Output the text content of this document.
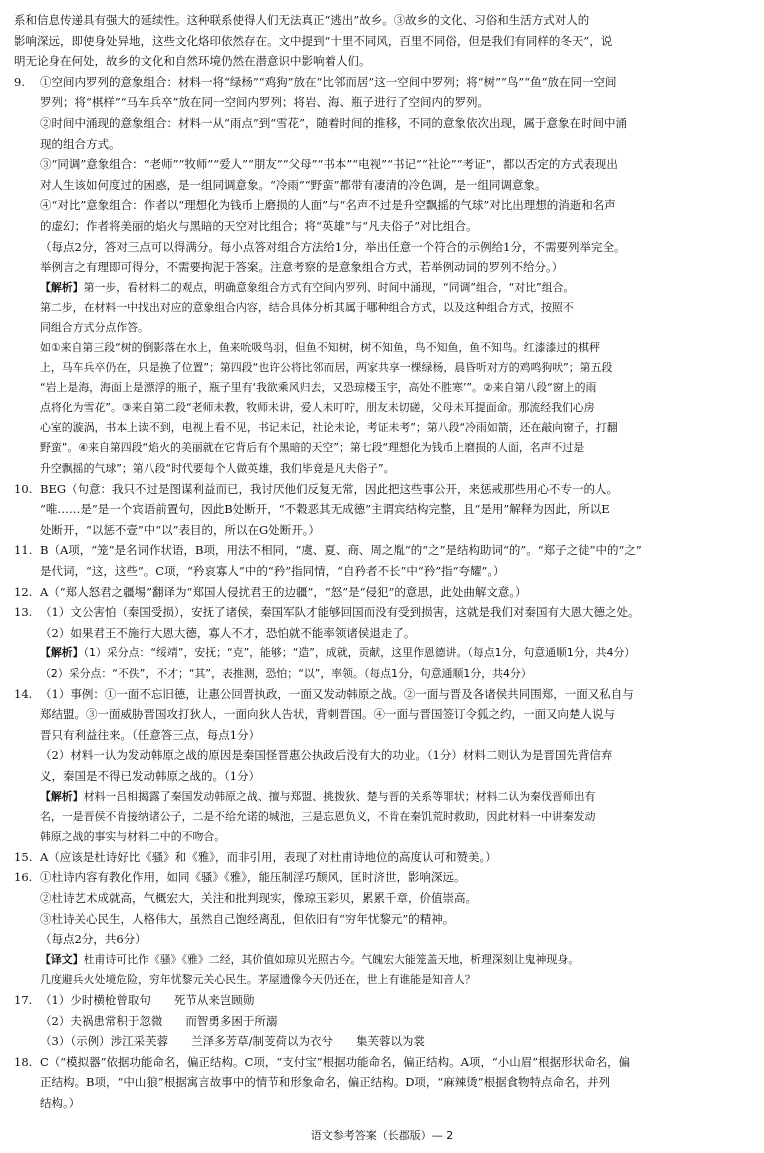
系和信息传递具有强大的延续性。这种联系使得人们无法真正“逃出”故乡。③故乡的文化、习俗和生活方式对人的
影响深远，即使身处异地，这些文化烙印依然存在。文中提到“十里不同风，百里不同俗，但是我们有同样的冬天”，说
明无论身在何处，故乡的文化和自然环境仍然在潜意识中影响着人们。
9.	①空间内罗列的意象组合：材料一将“绿杨”“鸡狗”放在“比邻而居”这一空间中罗列；将“树”“鸟”“鱼”放在同一空间
罗列；将“棋样”“马车兵卒”放在同一空间内罗列；将岩、海、瓶子进行了空间内的罗列。
②时间中涌现的意象组合：材料一从“雨点”到“雪花”，随着时间的推移，不同的意象依次出现，属于意象在时间中涌
现的组合方式。
③“同调”意象组合：“老师”“牧师”“爱人”“朋友”“父母”“书本”“电视”“书记”“社论”“考证”，都以否定的方式表现出
对人生该如何度过的困惑，是一组同调意象。“冷雨”“野蛮”都带有凄清的冷色调，是一组同调意象。
④“对比”意象组合：作者以“理想化为钱币上磨损的人面”与“名声不过是升空飘摇的气球”对比出理想的消逝和名声
的虚幻；作者将美丽的焰火与黑暗的天空对比组合；将“英雄”与“凡夫俗子”对比组合。
（每点2分，答对三点可以得满分。每小点答对组合方法给1分，举出任意一个符合的示例给1分，不需要列举完全。
举例言之有理即可得分，不需要拘泥于答案。注意考察的是意象组合方式，若举例动词的罗列不给分。）
【解析】第一步，看材料二的观点，明确意象组合方式有空间内罗列、时间中涌现，“同调”组合，“对比”组合。
第二步，在材料一中找出对应的意象组合内容，结合具体分析其属于哪种组合方式，以及这种组合方式，按照不
同组合方式分点作答。
如①来自第三段“树的倒影落在水上，鱼来吮吸鸟羽，但鱼不知树，树不知鱼，鸟不知鱼，鱼不知鸟。红漆漆过的棋秤
上，马车兵卒仍在，只是换了位置”；第四段“也许公将比邻而居，两家共享一棵绿杨，晨昏听对方的鸡鸣狗吠”；第五段
“岩上是海，海面上是漂浮的瓶子，瓶子里有‘我欲乘风归去，又恐琼楼玉宇，高处不胜寒’”。②来自第八段“窗上的雨
点将化为雪花”。③来自第二段“老师未教，牧师未讲，爱人未叮咛，朋友未切磋，父母未耳提面命。那流经我们心房
心室的漩涡，书本上读不到，电视上看不见，书记未记，社论未论，考证未考”；第八段“冷雨如箭，还在敲向窗子，打翻
野蛮”。④来自第四段“焰火的美丽就在它背后有个黑暗的天空”；第七段“理想化为钱币上磨损的人面，名声不过是
升空飘摇的气球”；第八段“时代要每个人做英雄，我们毕竟是凡夫俗子”。
10. BEG（句意：我只不过是图谋利益而已，我讨厌他们反复无常，因此把这些事公开，来惩戒那些用心不专一的人。
“唯……是”是一个宾语前置句，因此B处断开，“不穀恶其无成德”主谓宾结构完整，且“是用”解释为因此，所以E
处断开，“以惩不壹”中“以”表目的，所以在G处断开。）
11. B（A项，“笼”是名词作状语，B项，用法不相同，“虞、夏、商、周之胤”的“之”是结构助词“的”。“郑子之徒”中的“之”
是代词，“这，这些”。C项，“矜哀寡人”中的“矜”指同情，“自矜者不长”中“矜”指“夸耀”。）
12. A（“郑人怒君之疆埸”翻译为“郑国人侵扰君王的边疆”，“怒”是“侵犯”的意思，此处曲解文意。）
13. （1）文公害怕（秦国受损），安抚了诸侯，秦国军队才能够回国而没有受到损害，这就是我们对秦国有大恩大德之处。
（2）如果君王不施行大恩大德，寡人不才，恐怕就不能率领诸侯退走了。
【解析】（1）采分点：“绥靖”，安抚；“克”，能够；“造”，成就，贡献，这里作恩德讲。（每点1分，句意通顺1分，共4分）
（2）采分点：“不佚”，不才；“其”，表推测，恐怕；“以”，率领。（每点1分，句意通顺1分，共4分）
14. （1）事例：①一面不忘旧德，让惠公回晋执政，一面又发动韩原之战。②一面与晋及各诸侯共同围郑，一面又私自与
郑结盟。③一面威胁晋国攻打狄人，一面向狄人告状，背刺晋国。④一面与晋国签订令狐之约，一面又向楚人说与
晋只有利益往来。（任意答三点，每点1分）
（2）材料一认为发动韩原之战的原因是秦国怪晋惠公执政后没有大的功业。（1分）材料二则认为是晋国先背信弃
义，秦国是不得已发动韩原之战的。（1分）
【解析】材料一吕相揭露了秦国发动韩原之战、擅与郑盟、挑拨狄、楚与晋的关系等罪状；材料二认为秦伐晋师出有
名，一是晋侯不肯接纳诸公子，二是不给允诺的城池，三是忘恩负义，不肯在秦饥荒时救助，因此材料一中讲秦发动
韩原之战的事实与材料二中的不吻合。
15. A（应该是杜诗好比《骚》和《雅》，而非引用，表现了对杜甫诗地位的高度认可和赞美。）
16. ①杜诗内容有教化作用，如同《骚》《雅》，能压制淫巧颓风，匡时济世，影响深远。
②杜诗艺术成就高，气概宏大，关注和批判现实，像琼玉彩贝，累累千章，价值崇高。
③杜诗关心民生，人格伟大，虽然自己饱经离乱，但依旧有“穷年忧黎元”的精神。
（每点2分，共6分）
【译文】杜甫诗可比作《骚》《雅》二经，其价值如琼贝光照古今。气魄宏大能笼盖天地，析理深刻让鬼神现身。
几度避兵火处境危险，穷年忧黎元关心民生。茅屋遗像今天仍还在，世上有谁能是知音人？
17. （1）少时横枪曾取句　　死节从来岂顾勋
（2）夫祸患常积于忽微　　而智勇多困于所溺
（3）（示例）涉江采芙蓉　　兰泽多芳草/制芰荷以为衣兮　　集芙蓉以为裳
18. C（“模拟器”依据功能命名，偏正结构。C项，“支付宝”根据功能命名，偏正结构。A项，“小山眉”根据形状命名，偏
正结构。B项，“中山狼”根据寓言故事中的情节和形象命名，偏正结构。D项，“麻辣烫”根据食物特点命名，并列
结构。）
语文参考答案（长郡版）— 2
